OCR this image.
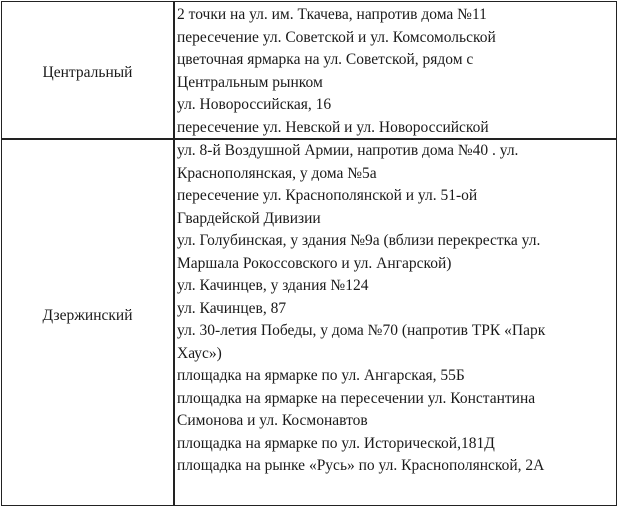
Центральный
2 точки на ул. им. Ткачева, напротив дома №11
пересечение ул. Советской и ул. Комсомольской
цветочная ярмарка на ул. Советской, рядом с
Центральным рынком
ул. Новороссийская, 16
пересечение ул. Невской и ул. Новороссийской
Дзержинский
ул. 8-й Воздушной Армии, напротив дома №40 . ул.
Краснополянская, у дома №5а
пересечение ул. Краснополянской и ул. 51-ой
Гвардейской Дивизии
ул. Голубинская, у здания №9а (вблизи перекрестка ул.
Маршала Рокоссовского и ул. Ангарской)
ул. Качинцев, у здания №124
ул. Качинцев, 87
ул. 30-летия Победы, у дома №70 (напротив ТРК «Парк
Хаус»)
площадка на ярмарке по ул. Ангарская, 55Б
площадка на ярмарке на пересечении ул. Константина
Симонова и ул. Космонавтов
площадка на ярмарке по ул. Исторической,181Д
площадка на рынке «Русь» по ул. Краснополянской, 2А
